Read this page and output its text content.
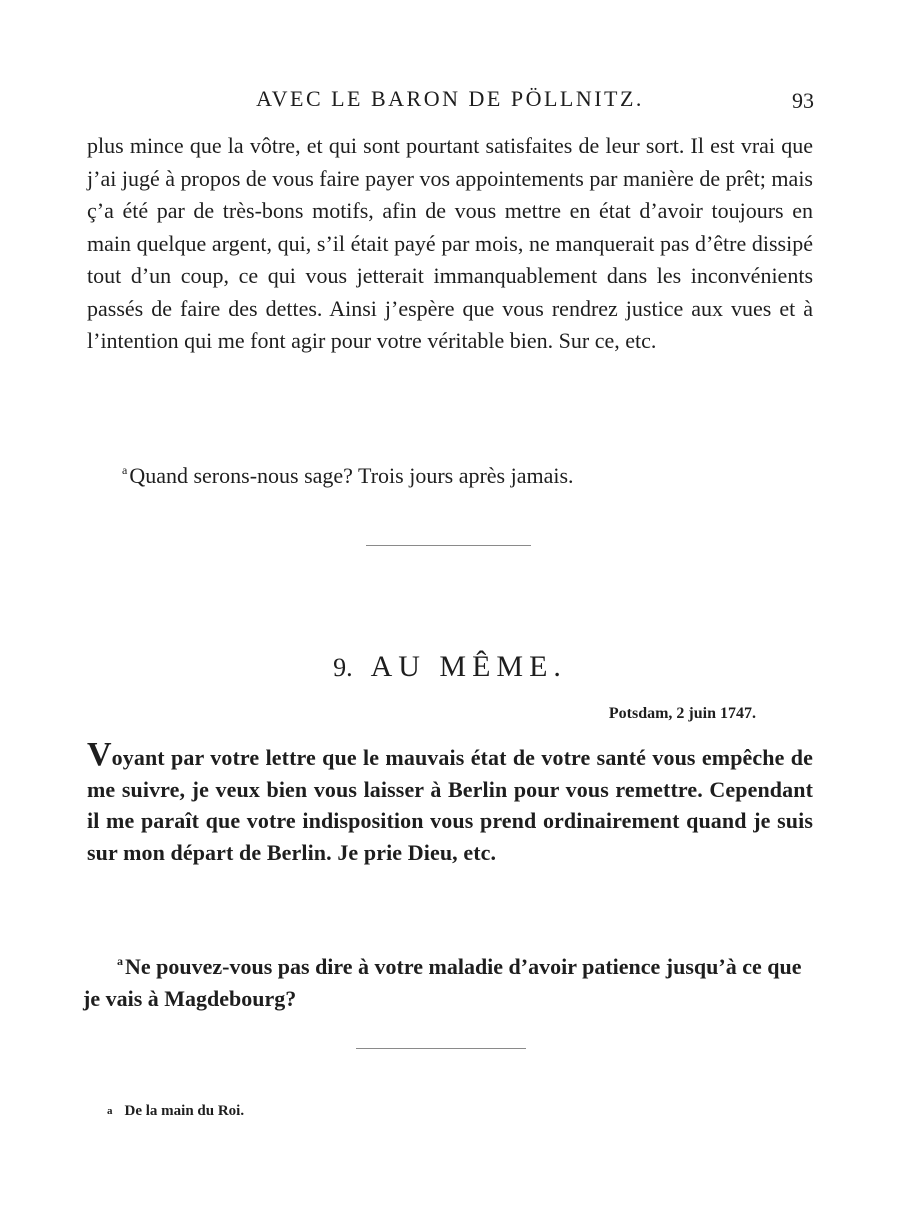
AVEC LE BARON DE PÖLLNITZ.	93

plus mince que la vôtre, et qui sont pourtant satisfaites de leur sort. Il est vrai que j’ai jugé à propos de vous faire payer vos appointements par manière de prêt; mais ç’a été par de très-bons motifs, afin de vous mettre en état d’avoir toujours en main quelque argent, qui, s’il était payé par mois, ne manquerait pas d’être dissipé tout d’un coup, ce qui vous jetterait immanquablement dans les inconvénients passés de faire des dettes. Ainsi j’espère que vous rendrez justice aux vues et à l’intention qui me font agir pour votre véritable bien. Sur ce, etc.

$^a$Quand serons-nous sage? Trois jours après jamais.
9. AU MÊME.
Potsdam, 2 juin 1747.

Voyant par votre lettre que le mauvais état de votre santé vous empêche de me suivre, je veux bien vous laisser à Berlin pour vous remettre. Cependant il me paraît que votre indisposition vous prend ordinairement quand je suis sur mon départ de Berlin. Je prie Dieu, etc.

$^a$Ne pouvez-vous pas dire à votre maladie d’avoir patience jusqu’à ce que je vais à Magdebourg?
a De la main du Roi.
